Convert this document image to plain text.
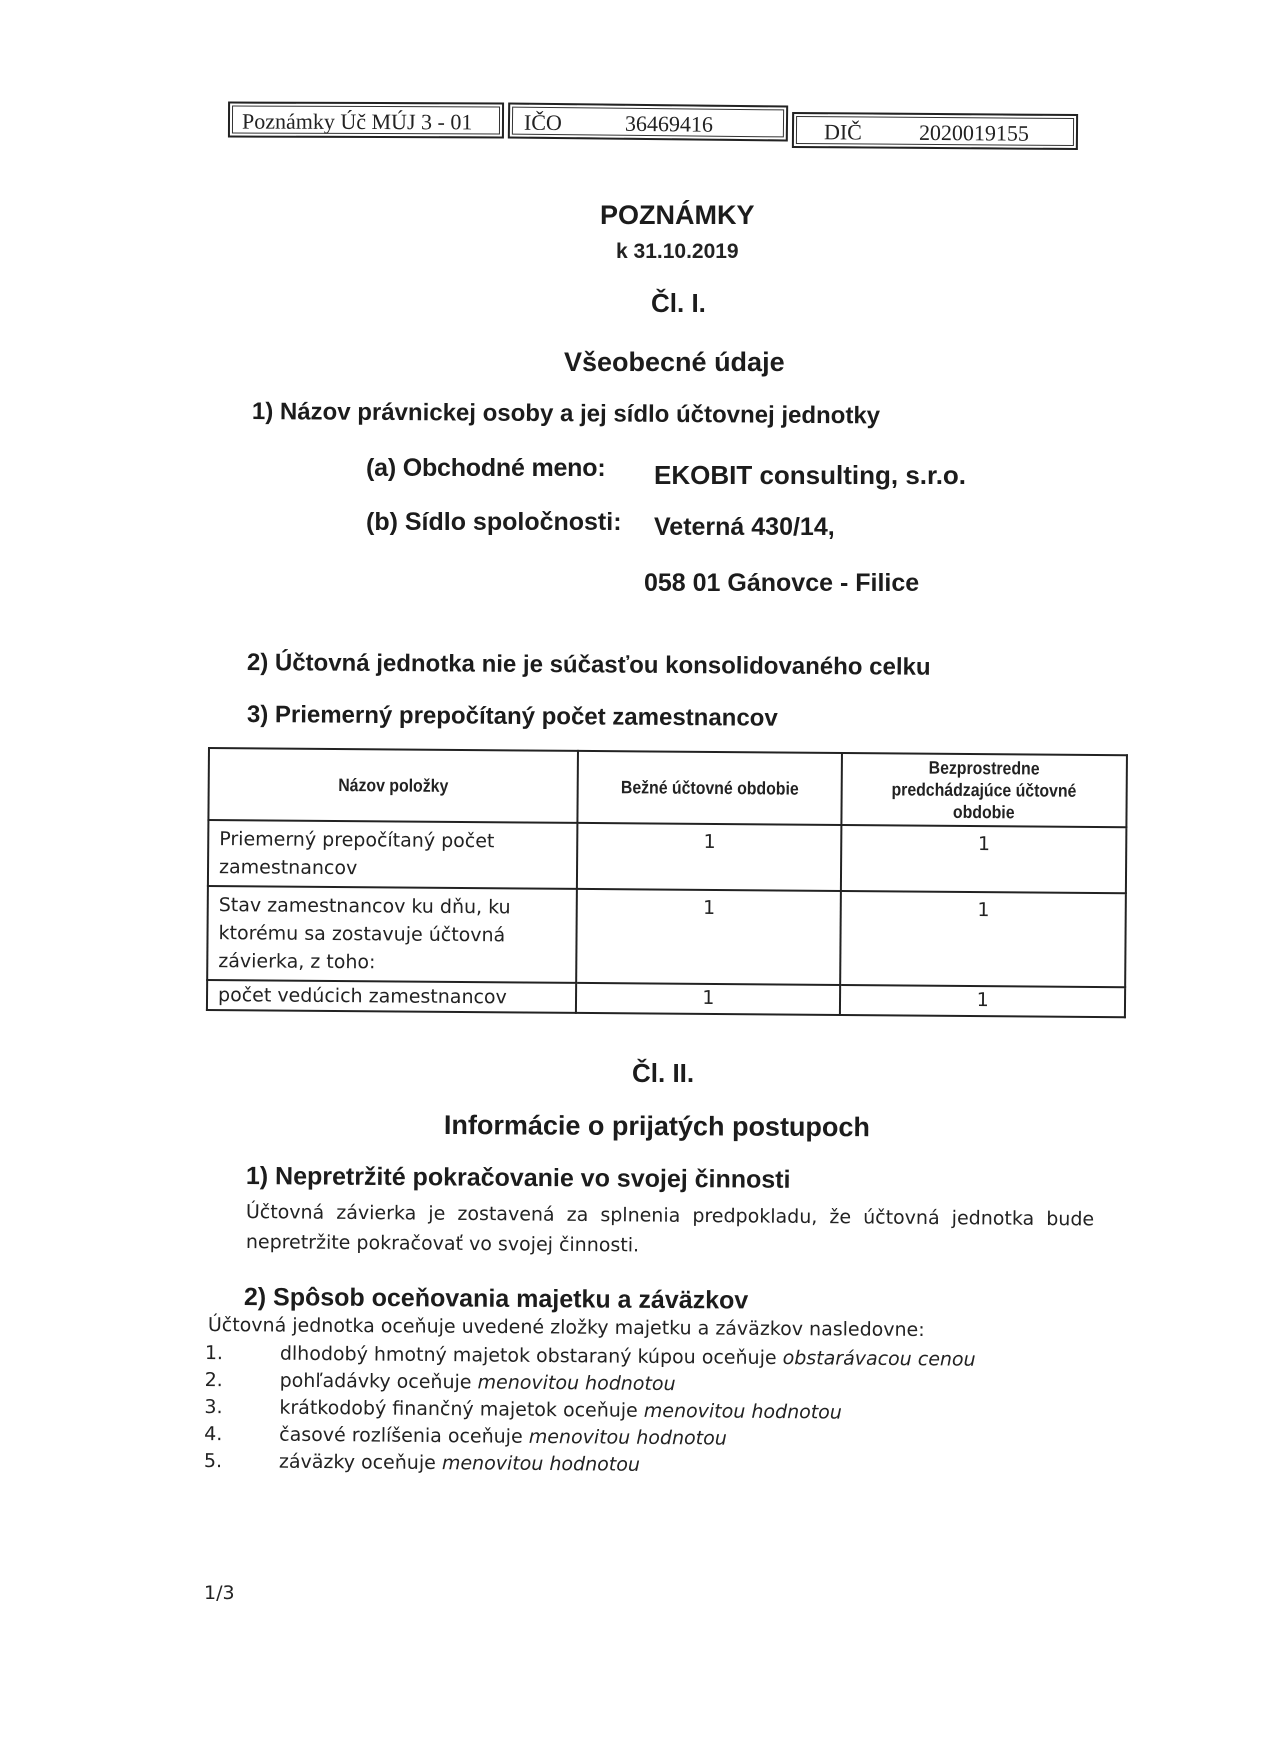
Poznámky Úč MÚJ 3 - 01 IČO	36469416	DIČ	2020019155
POZNÁMKY
k 31.10.2019
Čl. I.
Všeobecné údaje
1) Názov právnickej osoby a jej sídlo účtovnej jednotky
(a) Obchodné meno: EKOBIT consulting, s.r.o.
(b) Sídlo spoločnosti: Veterná 430/14,
058 01 Gánovce - Filice
2) Účtovná jednotka nie je súčasťou konsolidovaného celku
3) Priemerný prepočítaný počet zamestnancov
Názov položky	Bežné účtovné obdobie	Bezprostredne predchádzajúce účtovné obdobie
Priemerný prepočítaný počet zamestnancov	1	1
Stav zamestnancov ku dňu, ku ktorému sa zostavuje účtovná závierka, z toho:	1	1
počet vedúcich zamestnancov	1	1
Čl. II.
Informácie o prijatých postupoch
1) Nepretržité pokračovanie vo svojej činnosti
Účtovná  závierka  je  zostavená  za  splnenia  predpokladu,  že  účtovná  jednotka  bude
nepretržite pokračovať vo svojej činnosti.
2) Spôsob oceňovania majetku a záväzkov
Účtovná jednotka oceňuje uvedené zložky majetku a záväzkov nasledovne:
1.	dlhodobý hmotný majetok obstaraný kúpou oceňuje obstarávacou cenou
2.	pohľadávky oceňuje menovitou hodnotou
3.	krátkodobý finančný majetok oceňuje menovitou hodnotou
4.	časové rozlíšenia oceňuje menovitou hodnotou
5.	záväzky oceňuje menovitou hodnotou
1/3
